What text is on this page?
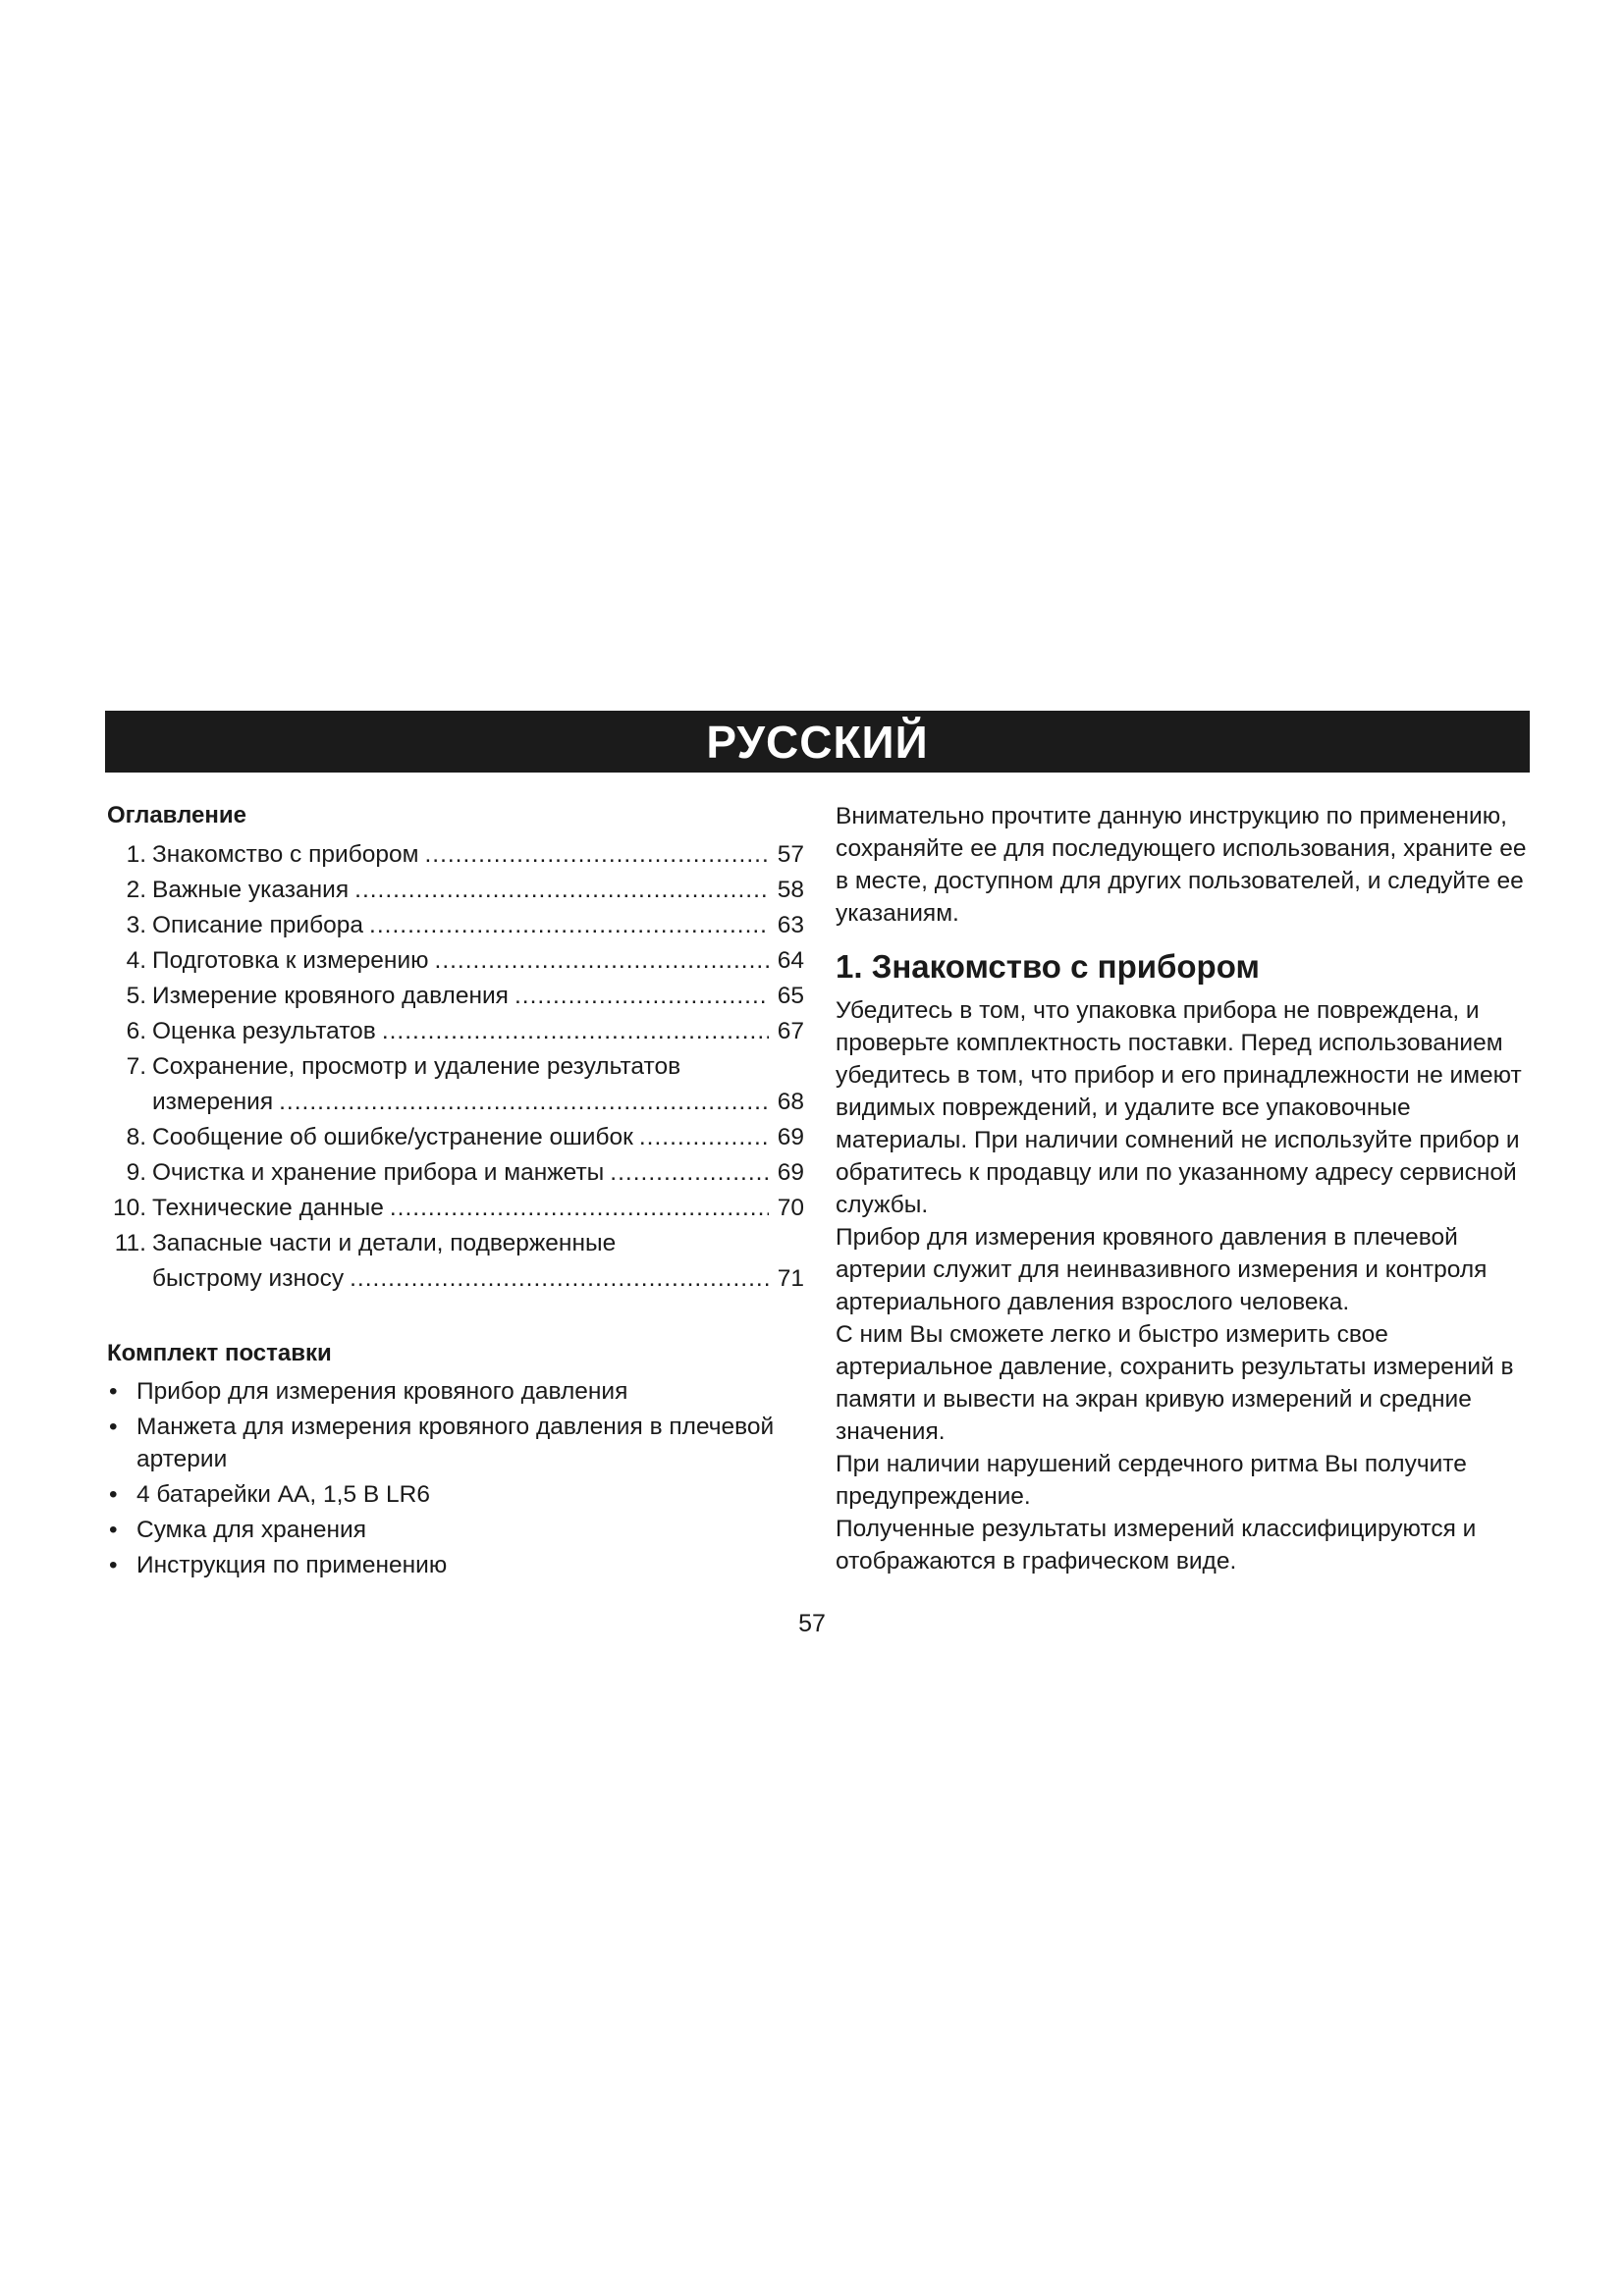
РУССКИЙ
Оглавление
1. Знакомство с прибором .....	57
2. Важные указания .....	58
3. Описание прибора .....	63
4. Подготовка к измерению .....	64
5. Измерение кровяного давления .....	65
6. Оценка результатов .....	67
7. Сохранение, просмотр и удаление результатов
измерения .....	68
8. Сообщение об ошибке/устранение ошибок .....	69
9. Очистка и хранение прибора и манжеты .....	69
10. Технические данные .....	70
11. Запасные части и детали, подверженные
быстрому износу .....	71
Комплект поставки
• Прибор для измерения кровяного давления
• Манжета для измерения кровяного давления в плечевой артерии
• 4 батарейки AA, 1,5 В LR6
• Сумка для хранения
• Инструкция по применению

Внимательно прочтите данную инструкцию по применению, сохраняйте ее для последующего использования, храните ее в месте, доступном для других пользователей, и следуйте ее указаниям.

1. Знакомство с прибором

Убедитесь в том, что упаковка прибора не повреждена, и проверьте комплектность поставки. Перед использованием убедитесь в том, что прибор и его принадлежности не имеют видимых повреждений, и удалите все упаковочные материалы. При наличии сомнений не используйте прибор и обратитесь к продавцу или по указанному адресу сервисной службы.

Прибор для измерения кровяного давления в плечевой артерии служит для неинвазивного измерения и контроля артериального давления взрослого человека.

С ним Вы сможете легко и быстро измерить свое артериальное давление, сохранить результаты измерений в памяти и вывести на экран кривую измерений и средние значения.

При наличии нарушений сердечного ритма Вы получите предупреждение.

Полученные результаты измерений классифицируются и отображаются в графическом виде.

57
